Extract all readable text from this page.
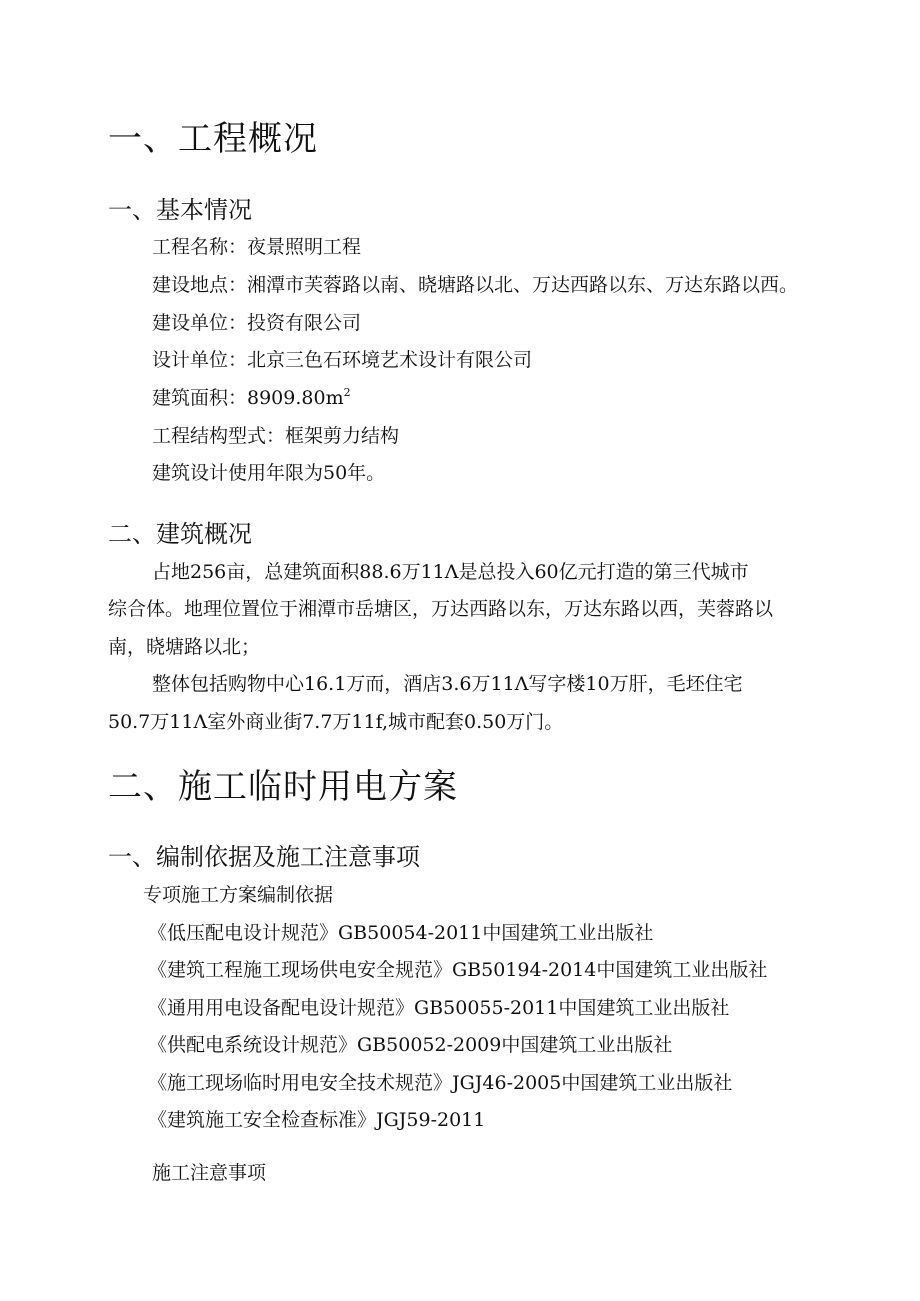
一、工程概况
一、基本情况
工程名称：夜景照明工程
建设地点：湘潭市芙蓉路以南、晓塘路以北、万达西路以东、万达东路以西。
建设单位：投资有限公司
设计单位：北京三色石环境艺术设计有限公司
建筑面积：$8909.80m^2$
工程结构型式：框架剪力结构
建筑设计使用年限为50年。
二、建筑概况
占地256亩，总建筑面积88.6万11Λ是总投入60亿元打造的第三代城市
综合体。地理位置位于湘潭市岳塘区，万达西路以东，万达东路以西，芙蓉路以
南，晓塘路以北；
整体包括购物中心16.1万而，酒店3.6万11Λ写字楼10万肝，毛坯住宅
50.7万11Λ室外商业街7.7万11f,城市配套0.50万门。
二、施工临时用电方案
一、编制依据及施工注意事项
专项施工方案编制依据
《低压配电设计规范》GB50054-2011中国建筑工业出版社
《建筑工程施工现场供电安全规范》GB50194-2014中国建筑工业出版社
《通用用电设备配电设计规范》GB50055-2011中国建筑工业出版社
《供配电系统设计规范》GB50052-2009中国建筑工业出版社
《施工现场临时用电安全技术规范》JGJ46-2005中国建筑工业出版社
《建筑施工安全检查标准》JGJ59-2011
施工注意事项
